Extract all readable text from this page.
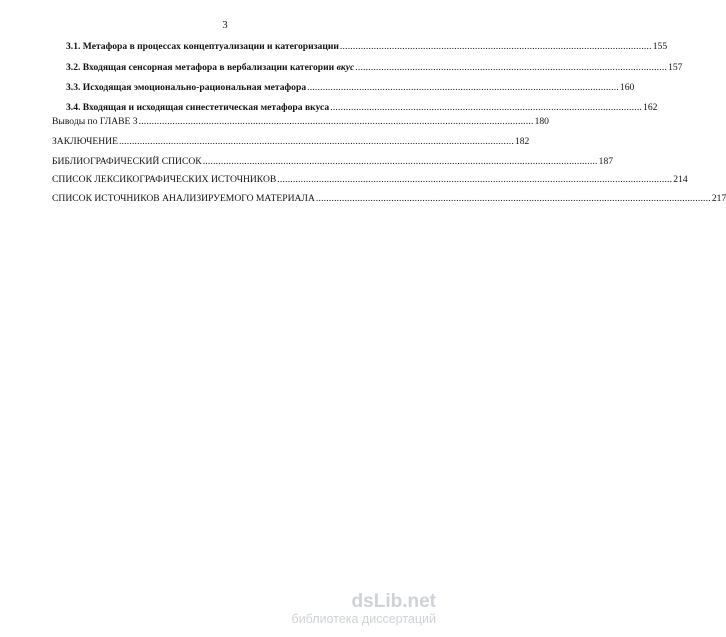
3
3.1. Метафора в процессах концептуализации и категоризации ........................................................................................................................ 155
3.2. Входящая сенсорная метафора в вербализации категории вкус ........................................................................................................................ 157
3.3. Исходящая эмоционально-рациональная метафора ........................................................................................................................ 160
3.4. Входящая и исходящая синестетическая метафора вкуса ........................................................................................................................ 162
Выводы по ГЛАВЕ 3 ........................................................................................................................................................ 180
ЗАКЛЮЧЕНИЕ ........................................................................................................................................................ 182
БИБЛИОГРАФИЧЕСКИЙ СПИСОК ........................................................................................................................................................ 187
СПИСОК ЛЕКСИКОГРАФИЧЕСКИХ ИСТОЧНИКОВ ........................................................................................................................................................ 214
СПИСОК ИСТОЧНИКОВ АНАЛИЗИРУЕМОГО МАТЕРИАЛА ........................................................................................................................................................ 217
dsLib.net
библиотека диссертаций
